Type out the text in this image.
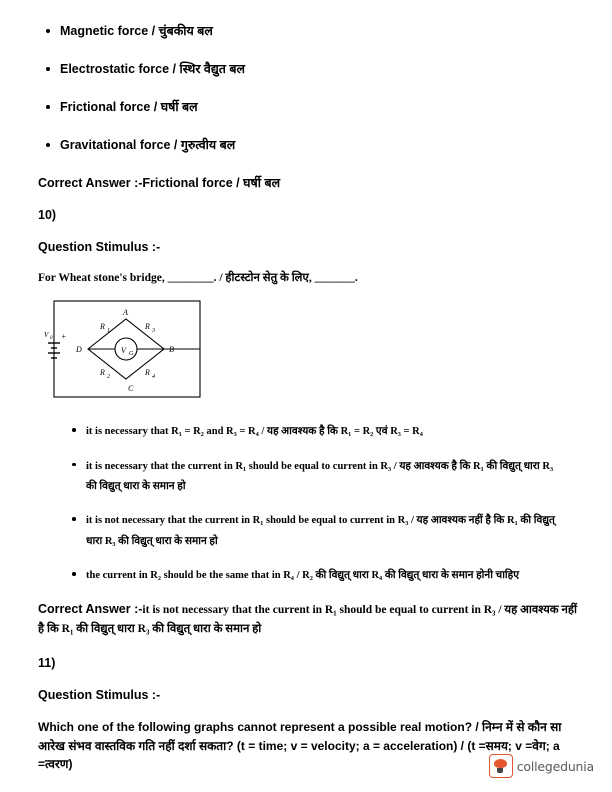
Magnetic force / चुंबकीय बल
Electrostatic force / स्थिर वैद्युत बल
Frictional force / घर्षी बल
Gravitational force / गुरुत्वीय बल
Correct Answer :-Frictional force / घर्षी बल
10)
Question Stimulus :-
For Wheat stone's bridge, ________. / हीटस्टोन सेतु के लिए, _______.
R 1	R 3
R 2	R 4
A
B
C
D	V G
V 0 +
it is necessary that R₁ = R₂ and R₃ = R₄ / यह आवश्यक है कि R₁ = R₂ एवं R₃ = R₄
it is necessary that the current in R₁ should be equal to current in R₃ / यह आवश्यक है कि R₁ की विद्युत् धारा R₃ की विद्युत् धारा के समान हो
it is not necessary that the current in R₁ should be equal to current in R₃ / यह आवश्यक नहीं है कि R₁ की विद्युत् धारा R₃ की विद्युत् धारा के समान हो
the current in R₂ should be the same that in R₄ / R₂ की विद्युत् धारा R₄ की विद्युत् धारा के समान होनी चाहिए
Correct Answer :-it is not necessary that the current in R₁ should be equal to current in R₃ / यह आवश्यक नहीं है कि R₁ की विद्युत् धारा R₃ की विद्युत् धारा के समान हो
11)
Question Stimulus :-
Which one of the following graphs cannot represent a possible real motion? / निम्न में से कौन सा आरेख संभव वास्तविक गति नहीं दर्शा सकता? (t = time; v = velocity; a = acceleration) / (t =समय; v =वेग; a =त्वरण)	collegedunia
